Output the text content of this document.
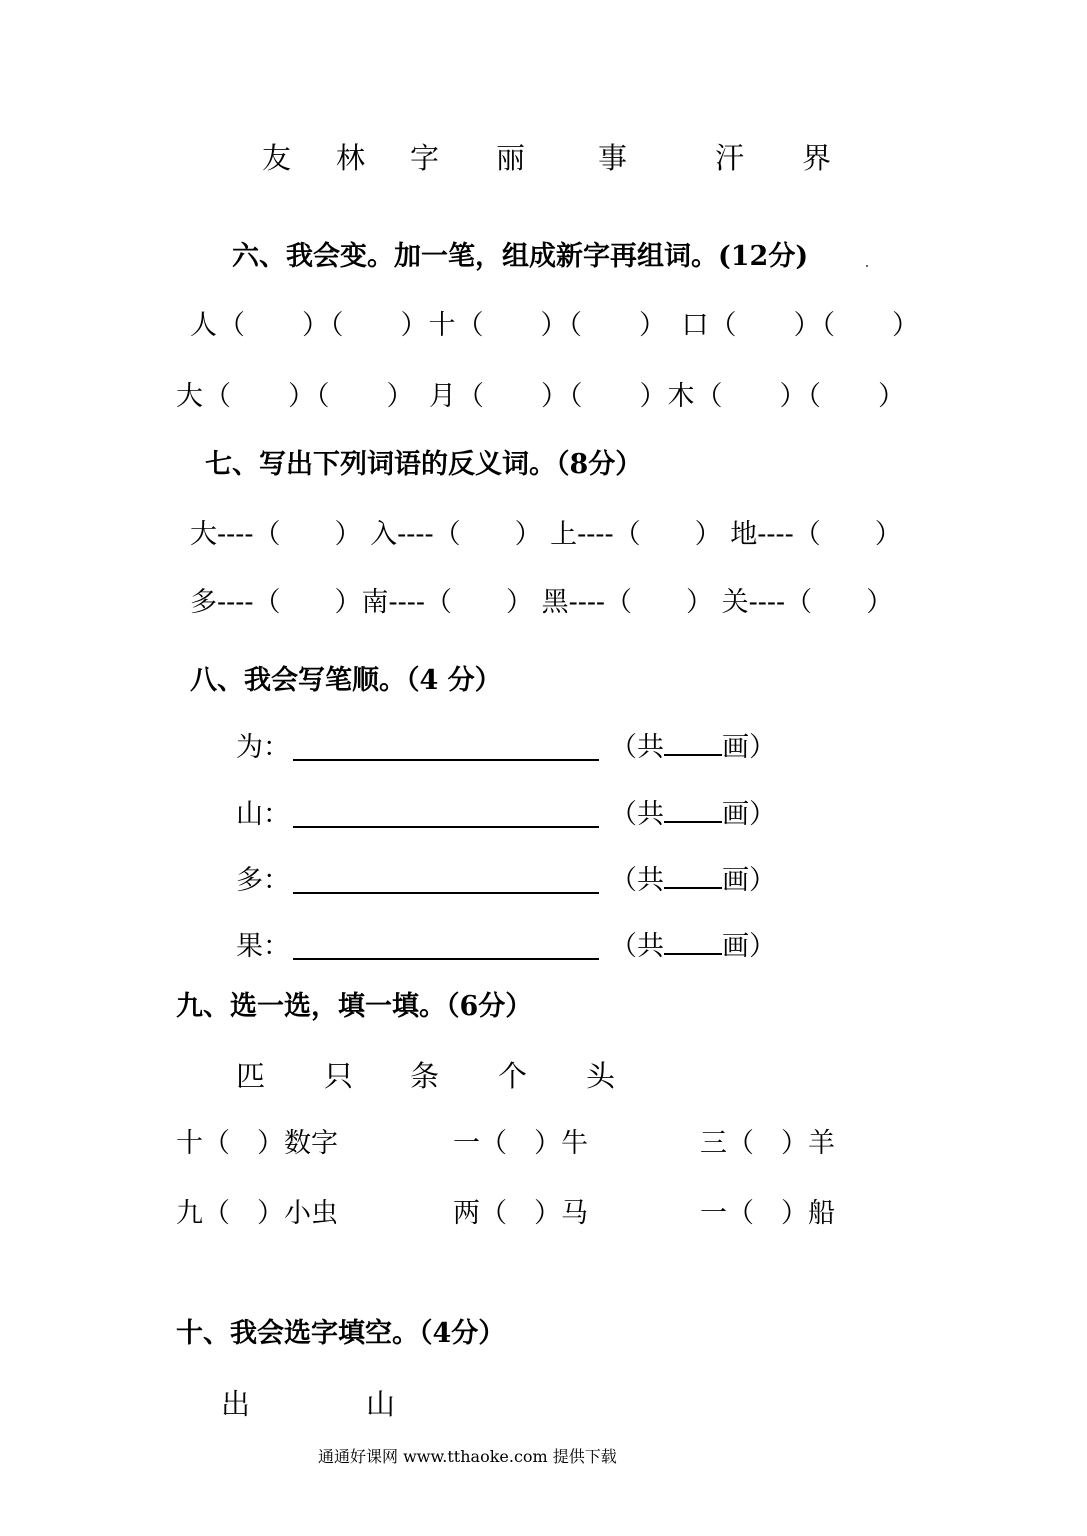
友 林 字 丽	事	汗 界
六、我会变。加一笔，组成新字再组词。(12分)
人（　　）（　　）十（　　）（　　）　口（　　）（　　）
大（　　）（　　）　月（　　）（　　）木（　　）（　　）
七、写出下列词语的反义词。（8分）
大----（　　） 入----（　　） 上----（　　） 地----（　　）
多----（　　）南----（　　） 黑----（　　） 关----（　　）
八、我会写笔顺。（4 分）
为：	（共 画）
山：	（共 画）
多：	（共 画）
果：	（共 画）
九、选一选，填一填。（6分）
匹 只 条 个 头
十（　）数字	一（　）牛	三（　）羊
九（　）小虫	两（　）马	一（　）船
十、我会选字填空。（4分）
出	山
通通好课网 www.tthaoke.com 提供下载
